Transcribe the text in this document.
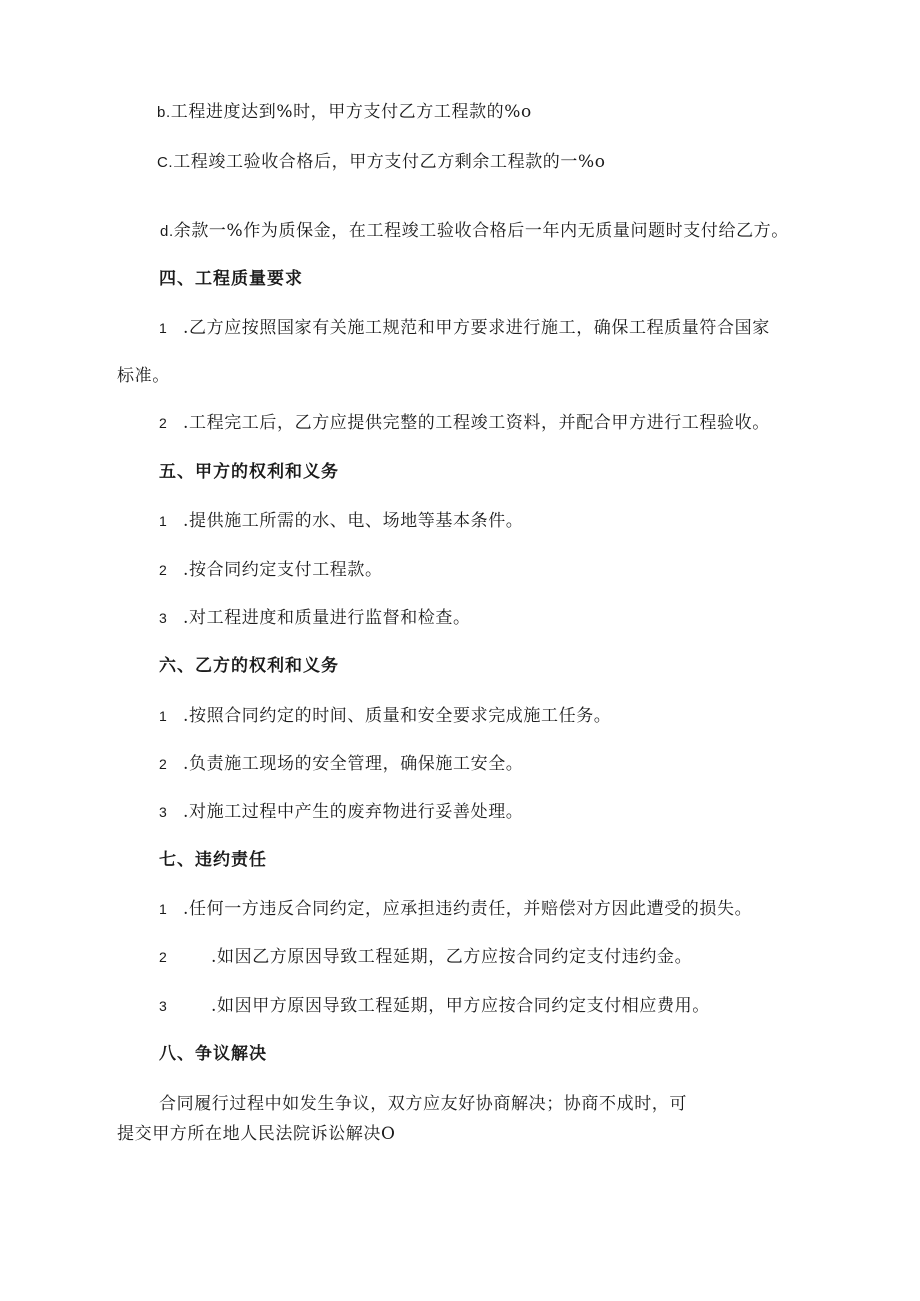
b.工程进度达到%时，甲方支付乙方工程款的%o
C.工程竣工验收合格后，甲方支付乙方剩余工程款的一%o
d.余款一%作为质保金，在工程竣工验收合格后一年内无质量问题时支付给乙方。
四、工程质量要求
1 .乙方应按照国家有关施工规范和甲方要求进行施工，确保工程质量符合国家
标准。
2 .工程完工后，乙方应提供完整的工程竣工资料，并配合甲方进行工程验收。
五、甲方的权利和义务
1 .提供施工所需的水、电、场地等基本条件。
2 .按合同约定支付工程款。
3 .对工程进度和质量进行监督和检查。
六、乙方的权利和义务
1 .按照合同约定的时间、质量和安全要求完成施工任务。
2 .负责施工现场的安全管理，确保施工安全。
3 .对施工过程中产生的废弃物进行妥善处理。
七、违约责任
1 .任何一方违反合同约定，应承担违约责任，并赔偿对方因此遭受的损失。
2	.如因乙方原因导致工程延期，乙方应按合同约定支付违约金。
3	.如因甲方原因导致工程延期，甲方应按合同约定支付相应费用。
八、争议解决
合同履行过程中如发生争议，双方应友好协商解决；协商不成时，可
提交甲方所在地人民法院诉讼解决O
